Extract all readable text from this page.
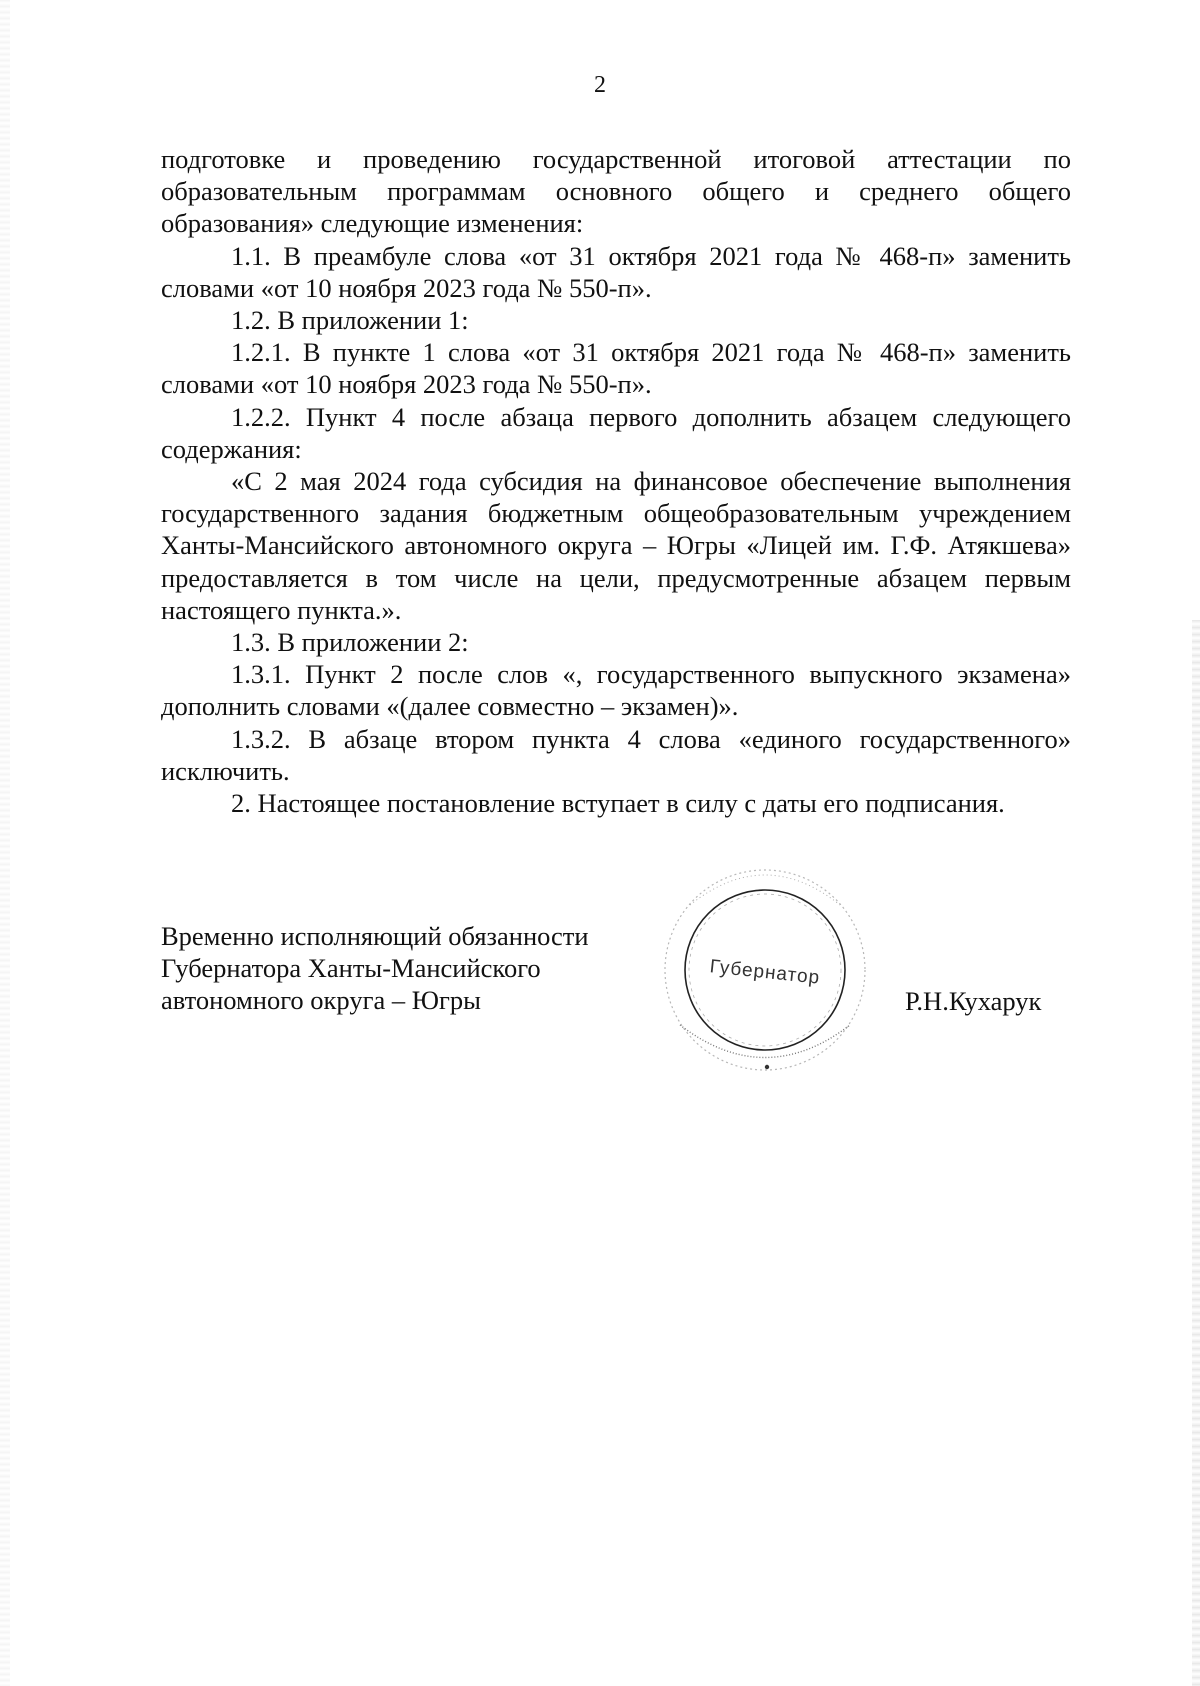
2

подготовке и проведению государственной итоговой аттестации по образовательным программам основного общего и среднего общего образования» следующие изменения:

1.1. В преамбуле слова «от 31 октября 2021 года № 468-п» заменить словами «от 10 ноября 2023 года № 550-п».

1.2. В приложении 1:

1.2.1. В пункте 1 слова «от 31 октября 2021 года № 468-п» заменить словами «от 10 ноября 2023 года № 550-п».

1.2.2. Пункт 4 после абзаца первого дополнить абзацем следующего содержания:

«С 2 мая 2024 года субсидия на финансовое обеспечение выполнения государственного задания бюджетным общеобразовательным учреждением Ханты-Мансийского автономного округа – Югры «Лицей им. Г.Ф. Атякшева» предоставляется в том числе на цели, предусмотренные абзацем первым настоящего пункта.».

1.3. В приложении 2:

1.3.1. Пункт 2 после слов «, государственного выпускного экзамена» дополнить словами «(далее совместно – экзамен)».

1.3.2. В абзаце втором пункта 4 слова «единого государственного» исключить.

2. Настоящее постановление вступает в силу с даты его подписания.

Временно исполняющий обязанности
Губернатора Ханты-Мансийского
автономного округа – Югры
Губернатор
Р.Н.Кухарук
